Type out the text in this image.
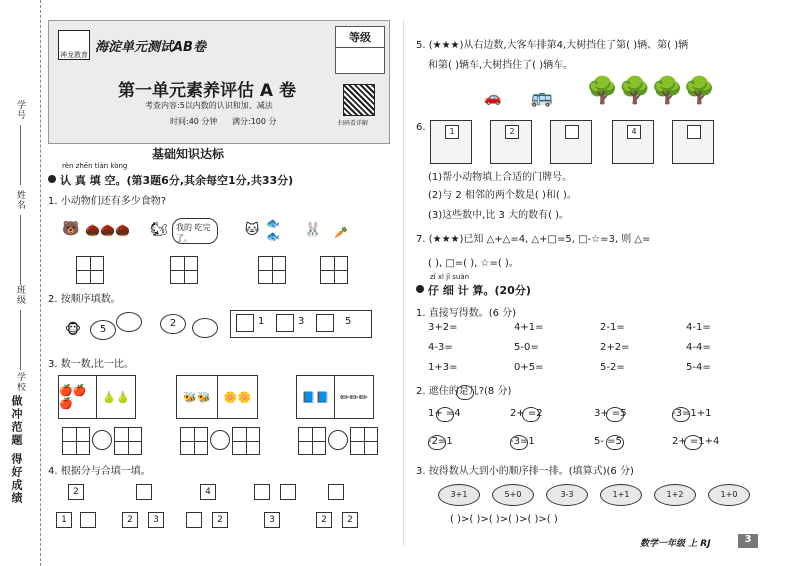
学号
姓名
班级
学校
做冲范题 得好成绩
神龙教育 海淀单元测试AB卷
第一单元素养评估 A 卷
考查内容:5以内数的认识和加、减法
时间:40 分钟 满分:100 分
等级
扫码看详解
基础知识达标
rèn zhēn tián kòng
认 真 填 空。(第3题6分,其余每空1分,共33分)
1. 小动物们还有多少食物?
🐻 🌰🌰🌰	🐿	我的 吃完了。
🐱 🐟🐟	🐰	🥕
2. 按顺序填数。
🐵	5
2	1	3	5
3. 数一数,比一比。
🍎🍎🍎	🍐🍐	🐝🐝	🌼🌼	📘📘 ✏✏✏
4. 根据分与合填一填。
2
1	2	3
4
2	3	2	2
5. (★★★)从右边数,大客车排第4,大树挡住了第( )辆、第( )辆
和第( )辆车,大树挡住了( )辆车。
🚗	🚌	🌳🌳🌳🌳
6.	1	2	4
(1)帮小动物填上合适的门牌号。
(2)与 2 相邻的两个数是( )和( )。
(3)这些数中,比 3 大的数有( )。
7. (★★★)已知 △+△=4, △+□=5, □-☆=3, 则 △=
( ), □=( ), ☆=( )。
zǐ xì jì suàn
仔 细 计 算。(20分)
1. 直接写得数。(6 分)
3+2=	4+1=	2-1=	4-1=
4-3=	5-0=	2+2=	4-4=
1+3=	0+5=	5-2=	5-4=
2. 遮住的是几?(8 分)
1+ =4	2+ =2	3+ =5	-3=1+1
-2=1	-3=1	5- =5	2+ =1+4
3. 按得数从大到小的顺序排一排。(填算式)(6 分)
3+1	5+0	3-3	1+1	1+2	1+0
( )>( )>( )>( )>( )>( )
数学一年级 上 RJ	3
